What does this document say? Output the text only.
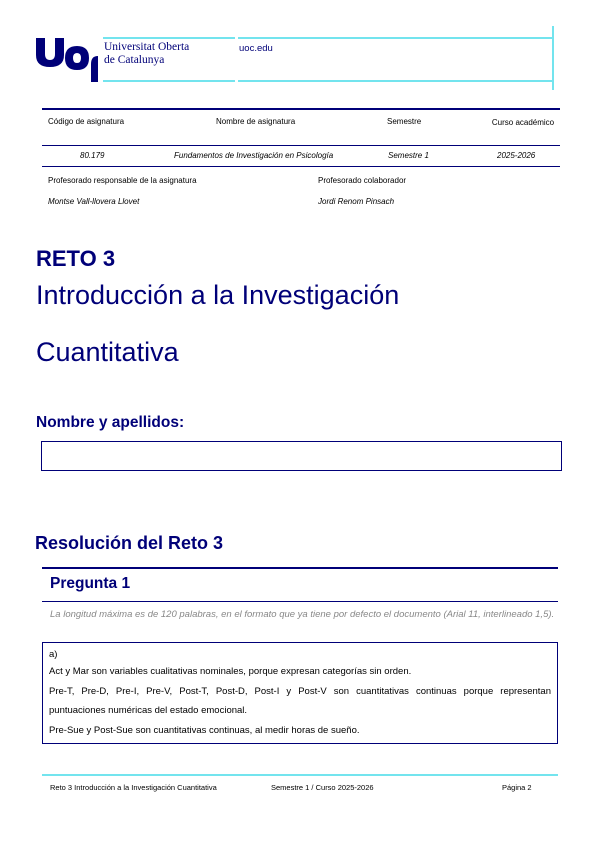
Universitat Oberta
de Catalunya
uoc.edu
Código de asignatura	Nombre de asignatura	Semestre	Curso académico
80.179	Fundamentos de Investigación en Psicología	Semestre 1	2025-2026
Profesorado responsable de la asignatura	Profesorado colaborador
Montse Vall-llovera Llovet	Jordi Renom Pinsach
RETO 3
Introducción a la Investigación
Cuantitativa
Nombre y apellidos:
Resolución del Reto 3
Pregunta 1
La longitud máxima es de 120 palabras, en el formato que ya tiene por defecto el documento (Arial 11, interlineado 1,5).

a)

Act y Mar son variables cualitativas nominales, porque expresan categorías sin orden.

Pre-T, Pre-D, Pre-I, Pre-V, Post-T, Post-D, Post-I y Post-V son cuantitativas continuas porque representan puntuaciones numéricas del estado emocional.

Pre-Sue y Post-Sue son cuantitativas continuas, al medir horas de sueño.

Reto 3 Introducción a la Investigación Cuantitativa	Semestre 1 / Curso 2025-2026	Página 2
